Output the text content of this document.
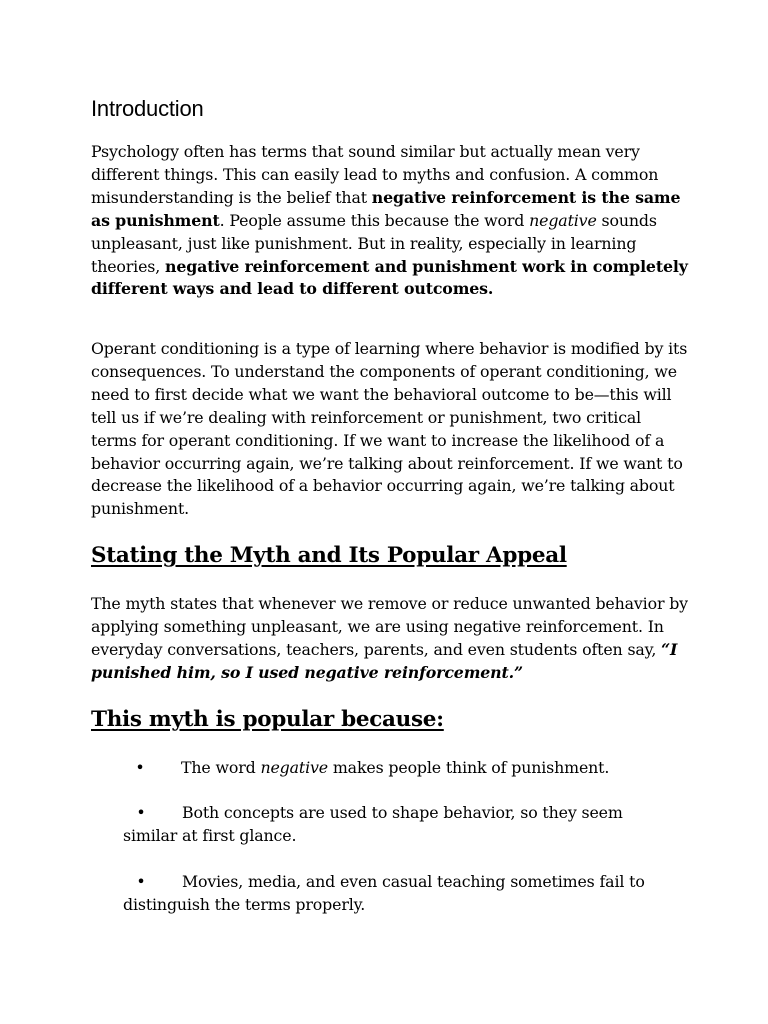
Introduction

Psychology often has terms that sound similar but actually mean very different things. This can easily lead to myths and confusion. A common misunderstanding is the belief that negative reinforcement is the same as punishment. People assume this because the word negative sounds unpleasant, just like punishment. But in reality, especially in learning theories, negative reinforcement and punishment work in completely different ways and lead to different outcomes.

Operant conditioning is a type of learning where behavior is modified by its consequences. To understand the components of operant conditioning, we need to first decide what we want the behavioral outcome to be—this will tell us if we’re dealing with reinforcement or punishment, two critical terms for operant conditioning. If we want to increase the likelihood of a behavior occurring again, we’re talking about reinforcement. If we want to decrease the likelihood of a behavior occurring again, we’re talking about punishment.

Stating the Myth and Its Popular Appeal

The myth states that whenever we remove or reduce unwanted behavior by applying something unpleasant, we are using negative reinforcement. In everyday conversations, teachers, parents, and even students often say, “I punished him, so I used negative reinforcement.”

This myth is popular because:

• The word negative makes people think of punishment.

• Both concepts are used to shape behavior, so they seem similar at first glance.

• Movies, media, and even casual teaching sometimes fail to distinguish the terms properly.
